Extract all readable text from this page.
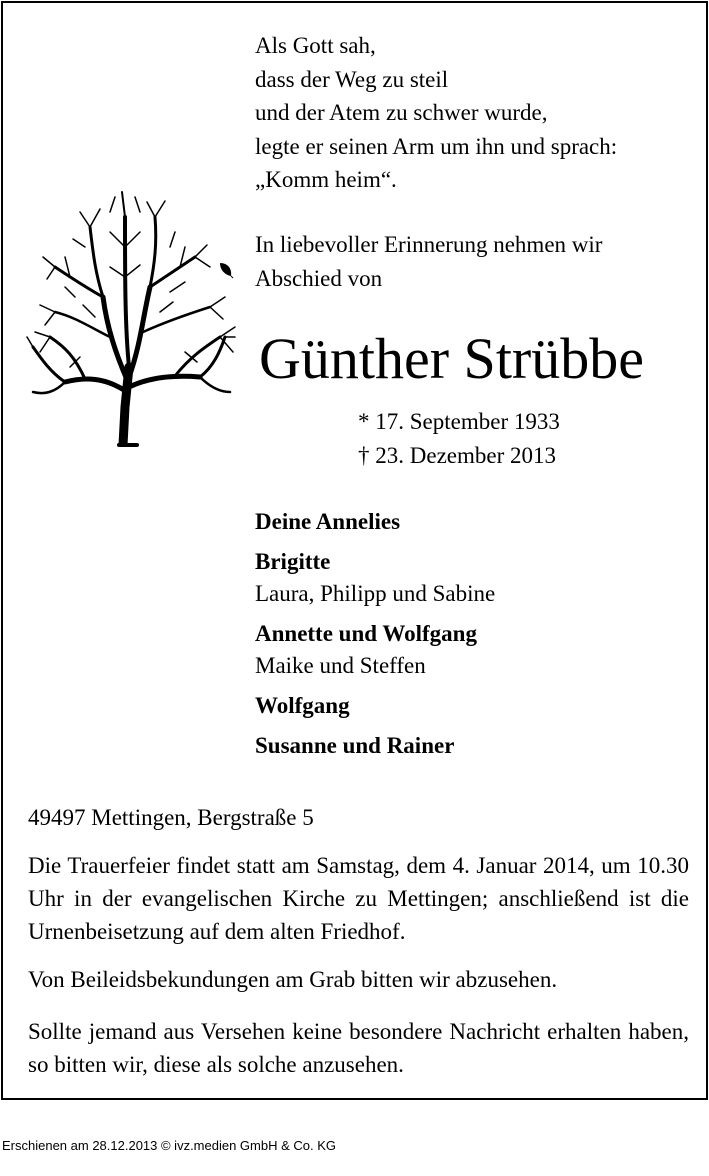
Als Gott sah,
dass der Weg zu steil
und der Atem zu schwer wurde,
legte er seinen Arm um ihn und sprach:
„Komm heim“.
In liebevoller Erinnerung nehmen wir
Abschied von
Günther Strübbe
* 17. September 1933
† 23. Dezember 2013
Deine Annelies
Brigitte
Laura, Philipp und Sabine
Annette und Wolfgang
Maike und Steffen
Wolfgang
Susanne und Rainer
49497 Mettingen, Bergstraße 5

Die Trauerfeier findet statt am Samstag, dem 4. Januar 2014, um 10.30 Uhr in der evangelischen Kirche zu Mettingen; anschließend ist die Urnenbeisetzung auf dem alten Friedhof.

Von Beileidsbekundungen am Grab bitten wir abzusehen.

Sollte jemand aus Versehen keine besondere Nachricht erhalten haben, so bitten wir, diese als solche anzusehen.

Erschienen am 28.12.2013 © ivz.medien GmbH & Co. KG
